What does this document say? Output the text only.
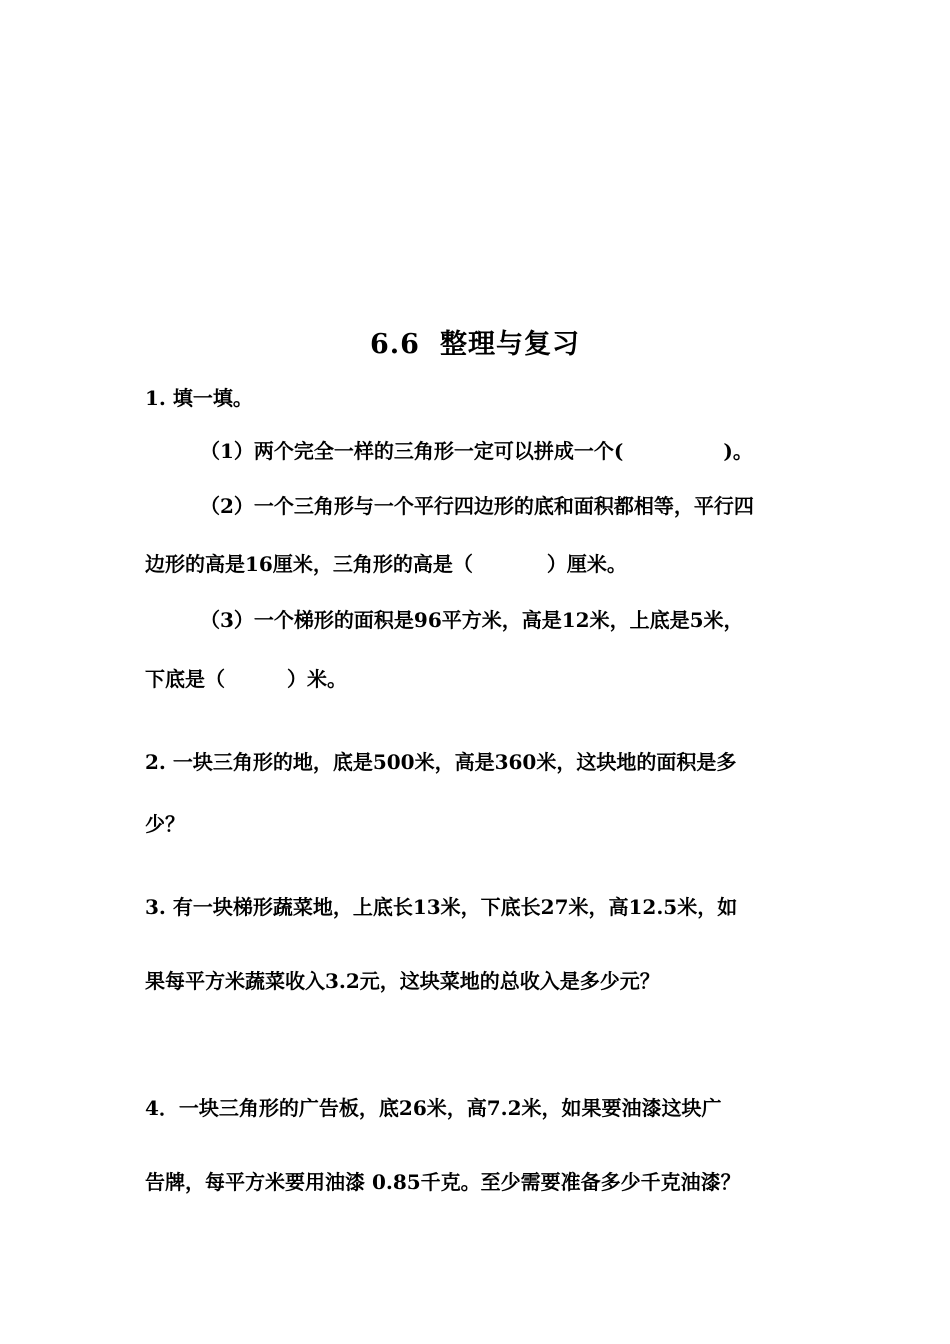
6.6 整理与复习
1. 填一填。
（1）两个完全一样的三角形一定可以拼成一个(	)。
（2）一个三角形与一个平行四边形的底和面积都相等，平行四
边形的高是16厘米，三角形的高是（	）厘米。
（3）一个梯形的面积是96平方米，高是12米，上底是5米，
下底是（	）米。
2. 一块三角形的地，底是500米，高是360米，这块地的面积是多
少？
3. 有一块梯形蔬菜地，上底长13米，下底长27米，高12.5米，如
果每平方米蔬菜收入3.2元，这块菜地的总收入是多少元？
4．一块三角形的广告板，底26米，高7.2米，如果要油漆这块广
告牌，每平方米要用油漆 0.85千克。至少需要准备多少千克油漆？
